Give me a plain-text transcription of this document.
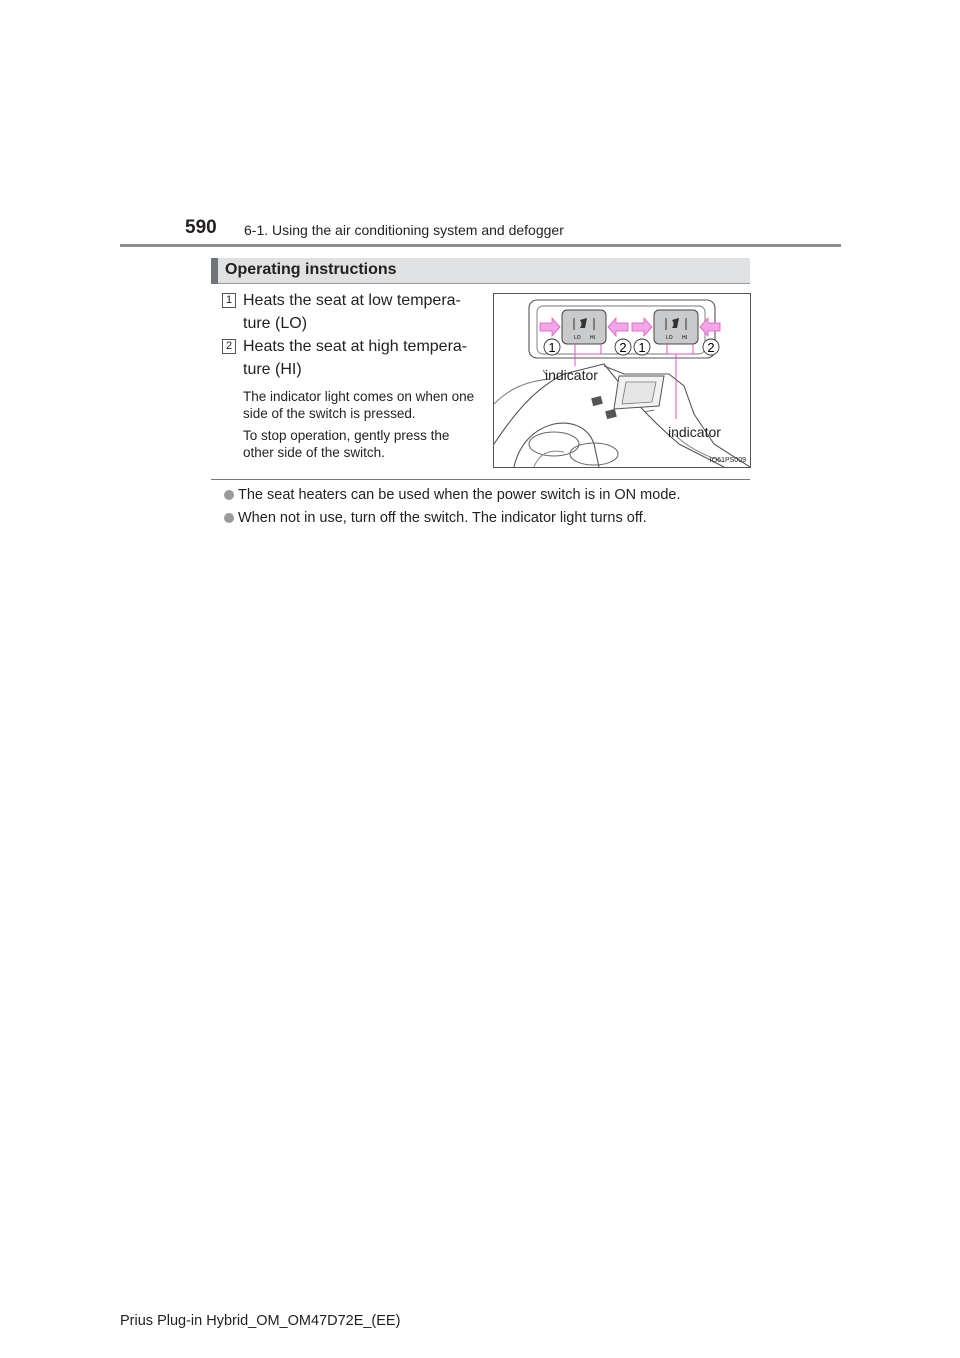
590 6-1. Using the air conditioning system and defogger
Operating instructions
1 Heats the seat at low tempera-ture (LO)
2 Heats the seat at high tempera-ture (HI)
The indicator light comes on when one side of the switch is pressed.
To stop operation, gently press the other side of the switch.
LO HI	LO HI
1	2 1	2
indicator
indicator
IO61PS009
The seat heaters can be used when the power switch is in ON mode.
When not in use, turn off the switch. The indicator light turns off.
Prius Plug-in Hybrid_OM_OM47D72E_(EE)
